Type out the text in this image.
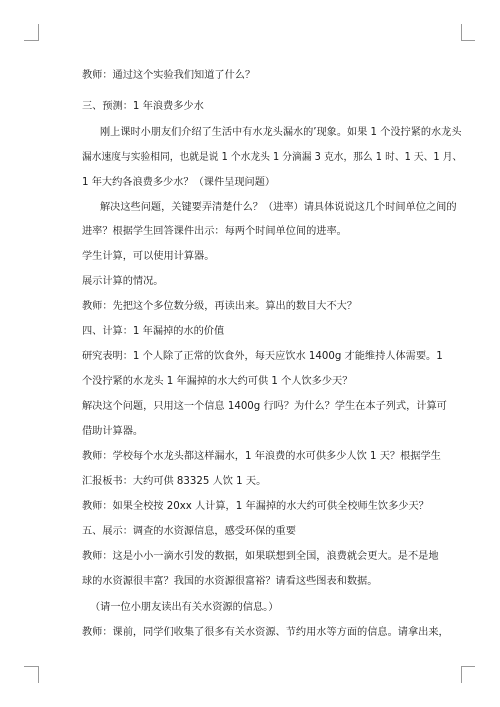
教师：通过这个实验我们知道了什么？

三、预测：1 年浪费多少水

刚上课时小朋友们介绍了生活中有水龙头漏水的’现象。如果 1 个没拧紧的水龙头

漏水速度与实验相同，也就是说 1 个水龙头 1 分滴漏 3 克水，那么 1 时、1 天、1 月、

1 年大约各浪费多少水？（课件呈现问题）

解决这些问题，关键要弄清楚什么？（进率）请具体说说这几个时间单位之间的

进率？根据学生回答课件出示：每两个时间单位间的进率。

学生计算，可以使用计算器。

展示计算的情况。

教师：先把这个多位数分级，再读出来。算出的数目大不大？

四、计算：1 年漏掉的水的价值

研究表明：1 个人除了正常的饮食外，每天应饮水 1400g 才能维持人体需要。1

个没拧紧的水龙头 1 年漏掉的水大约可供 1 个人饮多少天？

解决这个问题，只用这一个信息 1400g 行吗？为什么？学生在本子列式，计算可

借助计算器。

教师：学校每个水龙头都这样漏水，1 年浪费的水可供多少人饮 1 天？根据学生

汇报板书：大约可供 83325 人饮 1 天。

教师：如果全校按 20xx 人计算，1 年漏掉的水大约可供全校师生饮多少天？

五、展示：调查的水资源信息，感受环保的重要

教师：这是小小一滴水引发的数据，如果联想到全国，浪费就会更大。是不是地

球的水资源很丰富？我国的水资源很富裕？请看这些图表和数据。

（请一位小朋友读出有关水资源的信息。）

教师：课前，同学们收集了很多有关水资源、节约用水等方面的信息。请拿出来，
